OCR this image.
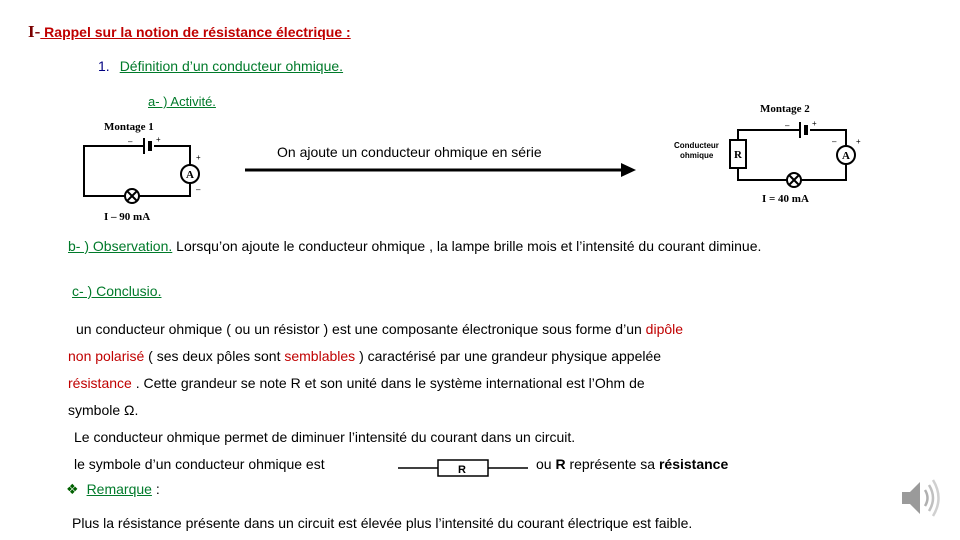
I- Rappel sur la notion de résistance électrique :
1. Définition d’un conducteur ohmique.
a- ) Activité.
Montage 1
–	+
A
+
–
I – 90 mA
On ajoute un conducteur ohmique en série
Montage 2
Conducteur
ohmique R
–	+
A
– +
I = 40 mA
b- ) Observation. Lorsqu’on ajoute le conducteur ohmique , la lampe brille mois et l’intensité du courant diminue.
c- ) Conclusio.
un conducteur ohmique ( ou un résistor ) est une composante électronique sous forme d’un dipôle
non polarisé ( ses deux pôles sont semblables ) caractérisé par une grandeur physique appelée
résistance . Cette grandeur se note R et son unité dans le système international est l’Ohm de
symbole Ω.
Le conducteur ohmique permet de diminuer l’intensité du courant dans un circuit.
le symbole d’un conducteur ohmique est	R	ou R représente sa résistance
❖ Remarque :
Plus la résistance présente dans un circuit est élevée plus l’intensité du courant électrique est faible.
